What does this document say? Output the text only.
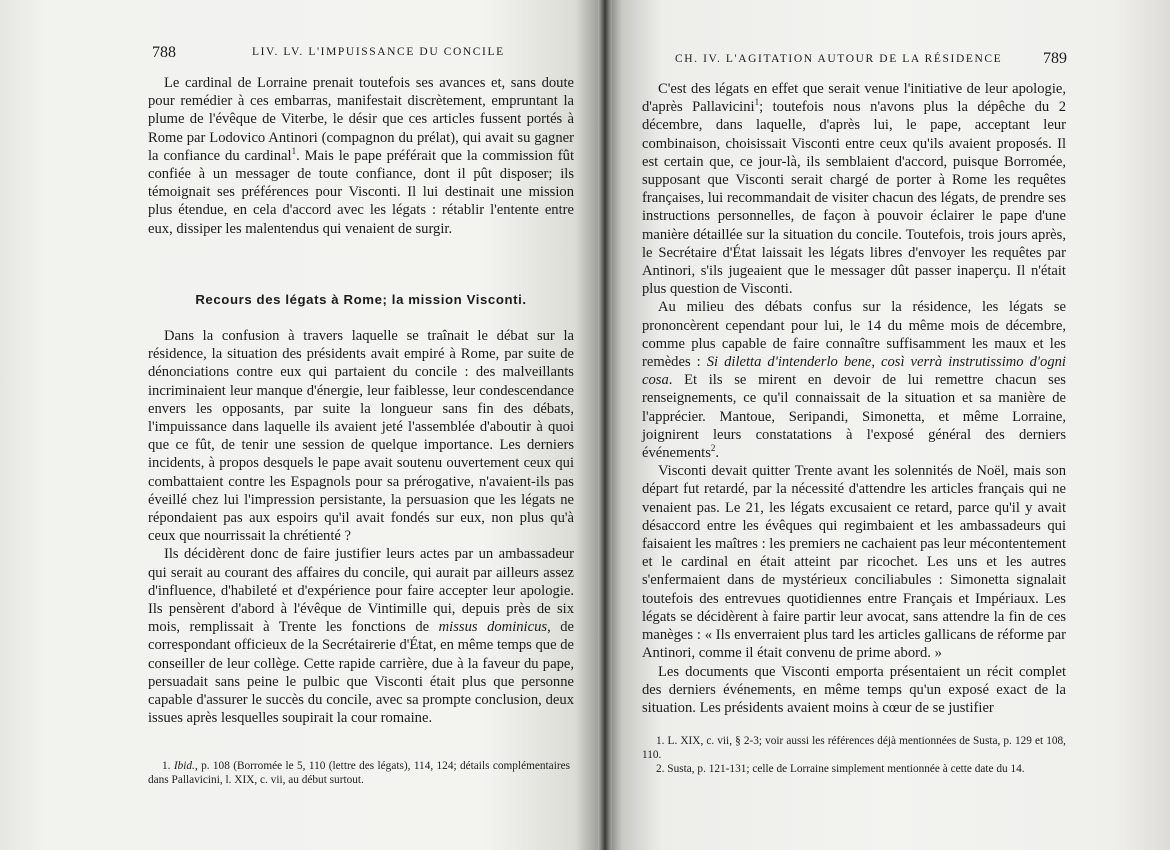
788	LIV. LV. L'IMPUISSANCE DU CONCILE

Le cardinal de Lorraine prenait toutefois ses avances et, sans doute pour remédier à ces embarras, manifestait discrètement, empruntant la plume de l'évêque de Viterbe, le désir que ces articles fussent portés à Rome par Lodovico Antinori (compagnon du prélat), qui avait su gagner la confiance du cardinal$^1$. Mais le pape préférait que la commission fût confiée à un messager de toute confiance, dont il pût disposer; ils témoignait ses préférences pour Visconti. Il lui destinait une mission plus étendue, en cela d'accord avec les légats : rétablir l'entente entre eux, dissiper les malentendus qui venaient de surgir.

Recours des légats à Rome; la mission Visconti.

Dans la confusion à travers laquelle se traînait le débat sur la résidence, la situation des présidents avait empiré à Rome, par suite de dénonciations contre eux qui partaient du concile : des malveillants incriminaient leur manque d'énergie, leur faiblesse, leur condescendance envers les opposants, par suite la longueur sans fin des débats, l'impuissance dans laquelle ils avaient jeté l'assemblée d'aboutir à quoi que ce fût, de tenir une session de quelque importance. Les derniers incidents, à propos desquels le pape avait soutenu ouvertement ceux qui combattaient contre les Espagnols pour sa prérogative, n'avaient-ils pas éveillé chez lui l'impression persistante, la persuasion que les légats ne répondaient pas aux espoirs qu'il avait fondés sur eux, non plus qu'à ceux que nourrissait la chrétienté ?

Ils décidèrent donc de faire justifier leurs actes par un ambassadeur qui serait au courant des affaires du concile, qui aurait par ailleurs assez d'influence, d'habileté et d'expérience pour faire accepter leur apologie. Ils pensèrent d'abord à l'évêque de Vintimille qui, depuis près de six mois, remplissait à Trente les fonctions de missus dominicus, de correspondant officieux de la Secrétairerie d'État, en même temps que de conseiller de leur collège. Cette rapide carrière, due à la faveur du pape, persuadait sans peine le pulbic que Visconti était plus que personne capable d'assurer le succès du concile, avec sa prompte conclusion, deux issues après lesquelles soupirait la cour romaine.

1. Ibid., p. 108 (Borromée le 5, 110 (lettre des légats), 114, 124; détails complémentaires dans Pallavicini, l. XIX, c. vii, au début surtout.

CH. IV. L'AGITATION AUTOUR DE LA RÉSIDENCE	789

C'est des légats en effet que serait venue l'initiative de leur apologie, d'après Pallavicini$^1$; toutefois nous n'avons plus la dépêche du 2 décembre, dans laquelle, d'après lui, le pape, acceptant leur combinaison, choisissait Visconti entre ceux qu'ils avaient proposés. Il est certain que, ce jour-là, ils semblaient d'accord, puisque Borromée, supposant que Visconti serait chargé de porter à Rome les requêtes françaises, lui recommandait de visiter chacun des légats, de prendre ses instructions personnelles, de façon à pouvoir éclairer le pape d'une manière détaillée sur la situation du concile. Toutefois, trois jours après, le Secrétaire d'État laissait les légats libres d'envoyer les requêtes par Antinori, s'ils jugeaient que le messager dût passer inaperçu. Il n'était plus question de Visconti.

Au milieu des débats confus sur la résidence, les légats se prononcèrent cependant pour lui, le 14 du même mois de décembre, comme plus capable de faire connaître suffisamment les maux et les remèdes : Si diletta d'intenderlo bene, così verrà instrutissimo d'ogni cosa. Et ils se mirent en devoir de lui remettre chacun ses renseignements, ce qu'il connaissait de la situation et sa manière de l'apprécier. Mantoue, Seripandi, Simonetta, et même Lorraine, joignirent leurs constatations à l'exposé général des derniers événements$^2$.

Visconti devait quitter Trente avant les solennités de Noël, mais son départ fut retardé, par la nécessité d'attendre les articles français qui ne venaient pas. Le 21, les légats excusaient ce retard, parce qu'il y avait désaccord entre les évêques qui regimbaient et les ambassadeurs qui faisaient les maîtres : les premiers ne cachaient pas leur mécontentement et le cardinal en était atteint par ricochet. Les uns et les autres s'enfermaient dans de mystérieux conciliabules : Simonetta signalait toutefois des entrevues quotidiennes entre Français et Impériaux. Les légats se décidèrent à faire partir leur avocat, sans attendre la fin de ces manèges : « Ils enverraient plus tard les articles gallicans de réforme par Antinori, comme il était convenu de prime abord. »

Les documents que Visconti emporta présentaient un récit complet des derniers événements, en même temps qu'un exposé exact de la situation. Les présidents avaient moins à cœur de se justifier

1. L. XIX, c. vii, § 2-3; voir aussi les références déjà mentionnées de Susta, p. 129 et 108, 110.

2. Susta, p. 121-131; celle de Lorraine simplement mentionnée à cette date du 14.
